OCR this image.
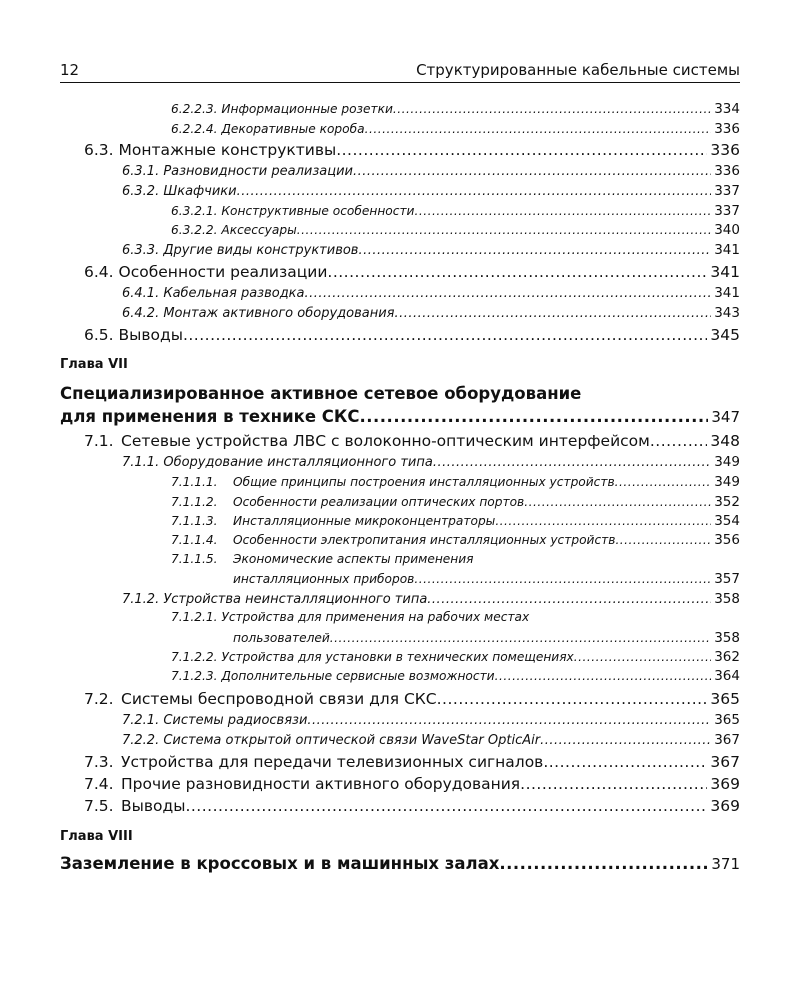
12	Структурированные кабельные системы
6.2.2.3. Информационные розетки .....	334
6.2.2.4. Декоративные короба .....	336
6.3. Монтажные конструктивы .....	336
6.3.1. Разновидности реализации .....	336
6.3.2. Шкафчики .....	337
6.3.2.1. Конструктивные особенности .....	337
6.3.2.2. Аксессуары .....	340
6.3.3. Другие виды конструктивов .....	341
6.4. Особенности реализации .....	341
6.4.1. Кабельная разводка .....	341
6.4.2. Монтаж активного оборудования .....	343
6.5. Выводы .....	345
Глава VII
Специализированное активное сетевое оборудование
для применения в технике СКС .....	347
7.1. Сетевые устройства ЛВС с волоконно-оптическим интерфейсом .....	348
7.1.1. Оборудование инсталляционного типа .....	349
7.1.1.1. Общие принципы построения инсталляционных устройств .....	349
7.1.1.2. Особенности реализации оптических портов .....	352
7.1.1.3. Инсталляционные микроконцентраторы .....	354
7.1.1.4. Особенности электропитания инсталляционных устройств .....	356
7.1.1.5. Экономические аспекты применения
инсталляционных приборов .....	357
7.1.2. Устройства неинсталляционного типа .....	358
7.1.2.1. Устройства для применения на рабочих местах
пользователей .....	358
7.1.2.2. Устройства для установки в технических помещениях .....	362
7.1.2.3. Дополнительные сервисные возможности .....	364
7.2. Системы беспроводной связи для СКС .....	365
7.2.1. Системы радиосвязи .....	365
7.2.2. Система открытой оптической связи WaveStar OpticAir .....	367
7.3. Устройства для передачи телевизионных сигналов .....	367
7.4. Прочие разновидности активного оборудования .....	369
7.5. Выводы .....	369
Глава VIII
Заземление в кроссовых и в машинных залах .....	371
